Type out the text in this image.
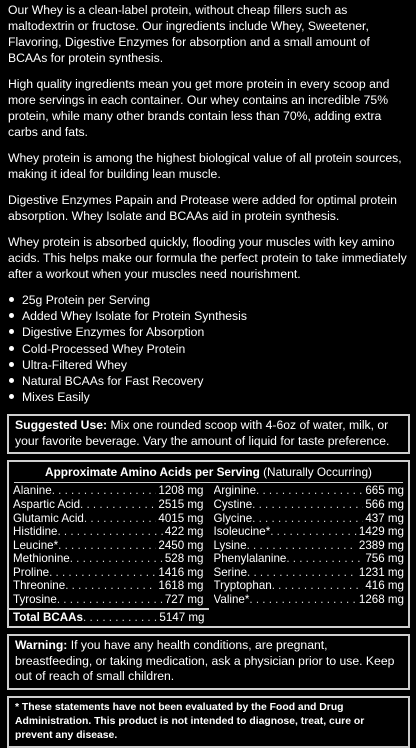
Our Whey is a clean-label protein, without cheap fillers such as maltodextrin or fructose. Our ingredients include Whey, Sweetener, Flavoring, Digestive Enzymes for absorption and a small amount of BCAAs for protein synthesis.

High quality ingredients mean you get more protein in every scoop and more servings in each container. Our whey contains an incredible 75% protein, while many other brands contain less than 70%, adding extra carbs and fats.

Whey protein is among the highest biological value of all protein sources, making it ideal for building lean muscle.

Digestive Enzymes Papain and Protease were added for optimal protein absorption. Whey Isolate and BCAAs aid in protein synthesis.

Whey protein is absorbed quickly, flooding your muscles with key amino acids. This helps make our formula the perfect protein to take immediately after a workout when your muscles need nourishment.

25g Protein per Serving
Added Whey Isolate for Protein Synthesis
Digestive Enzymes for Absorption
Cold-Processed Whey Protein
Ultra-Filtered Whey
Natural BCAAs for Fast Recovery
Mixes Easily
Suggested Use: Mix one rounded scoop with 4-6oz of water, milk, or your favorite beverage. Vary the amount of liquid for taste preference.
Approximate Amino Acids per Serving (Naturally Occurring)
Alanine . . .	1208 mg Arginine . . .	665 mg
Aspartic Acid . . .	2515 mg Cystine . . .	566 mg
Glutamic Acid . . .	4015 mg Glycine . . .	437 mg
Histidine . . .	422 mg Isoleucine* . . .	1429 mg
Leucine* . . .	2450 mg Lysine . . .	2389 mg
Methionine . . .	528 mg Phenylalanine . . .	756 mg
Proline . . .	1416 mg Serine . . .	1231 mg
Threonine . . .	1618 mg Tryptophan . . .	416 mg
Tyrosine . . .	727 mg Valine* . . .	1268 mg
Total BCAAs . . .	5147 mg
Warning: If you have any health conditions, are pregnant, breastfeeding, or taking medication, ask a physician prior to use. Keep out of reach of small children.
* These statements have not been evaluated by the Food and Drug Administration. This product is not intended to diagnose, treat, cure or prevent any disease.
